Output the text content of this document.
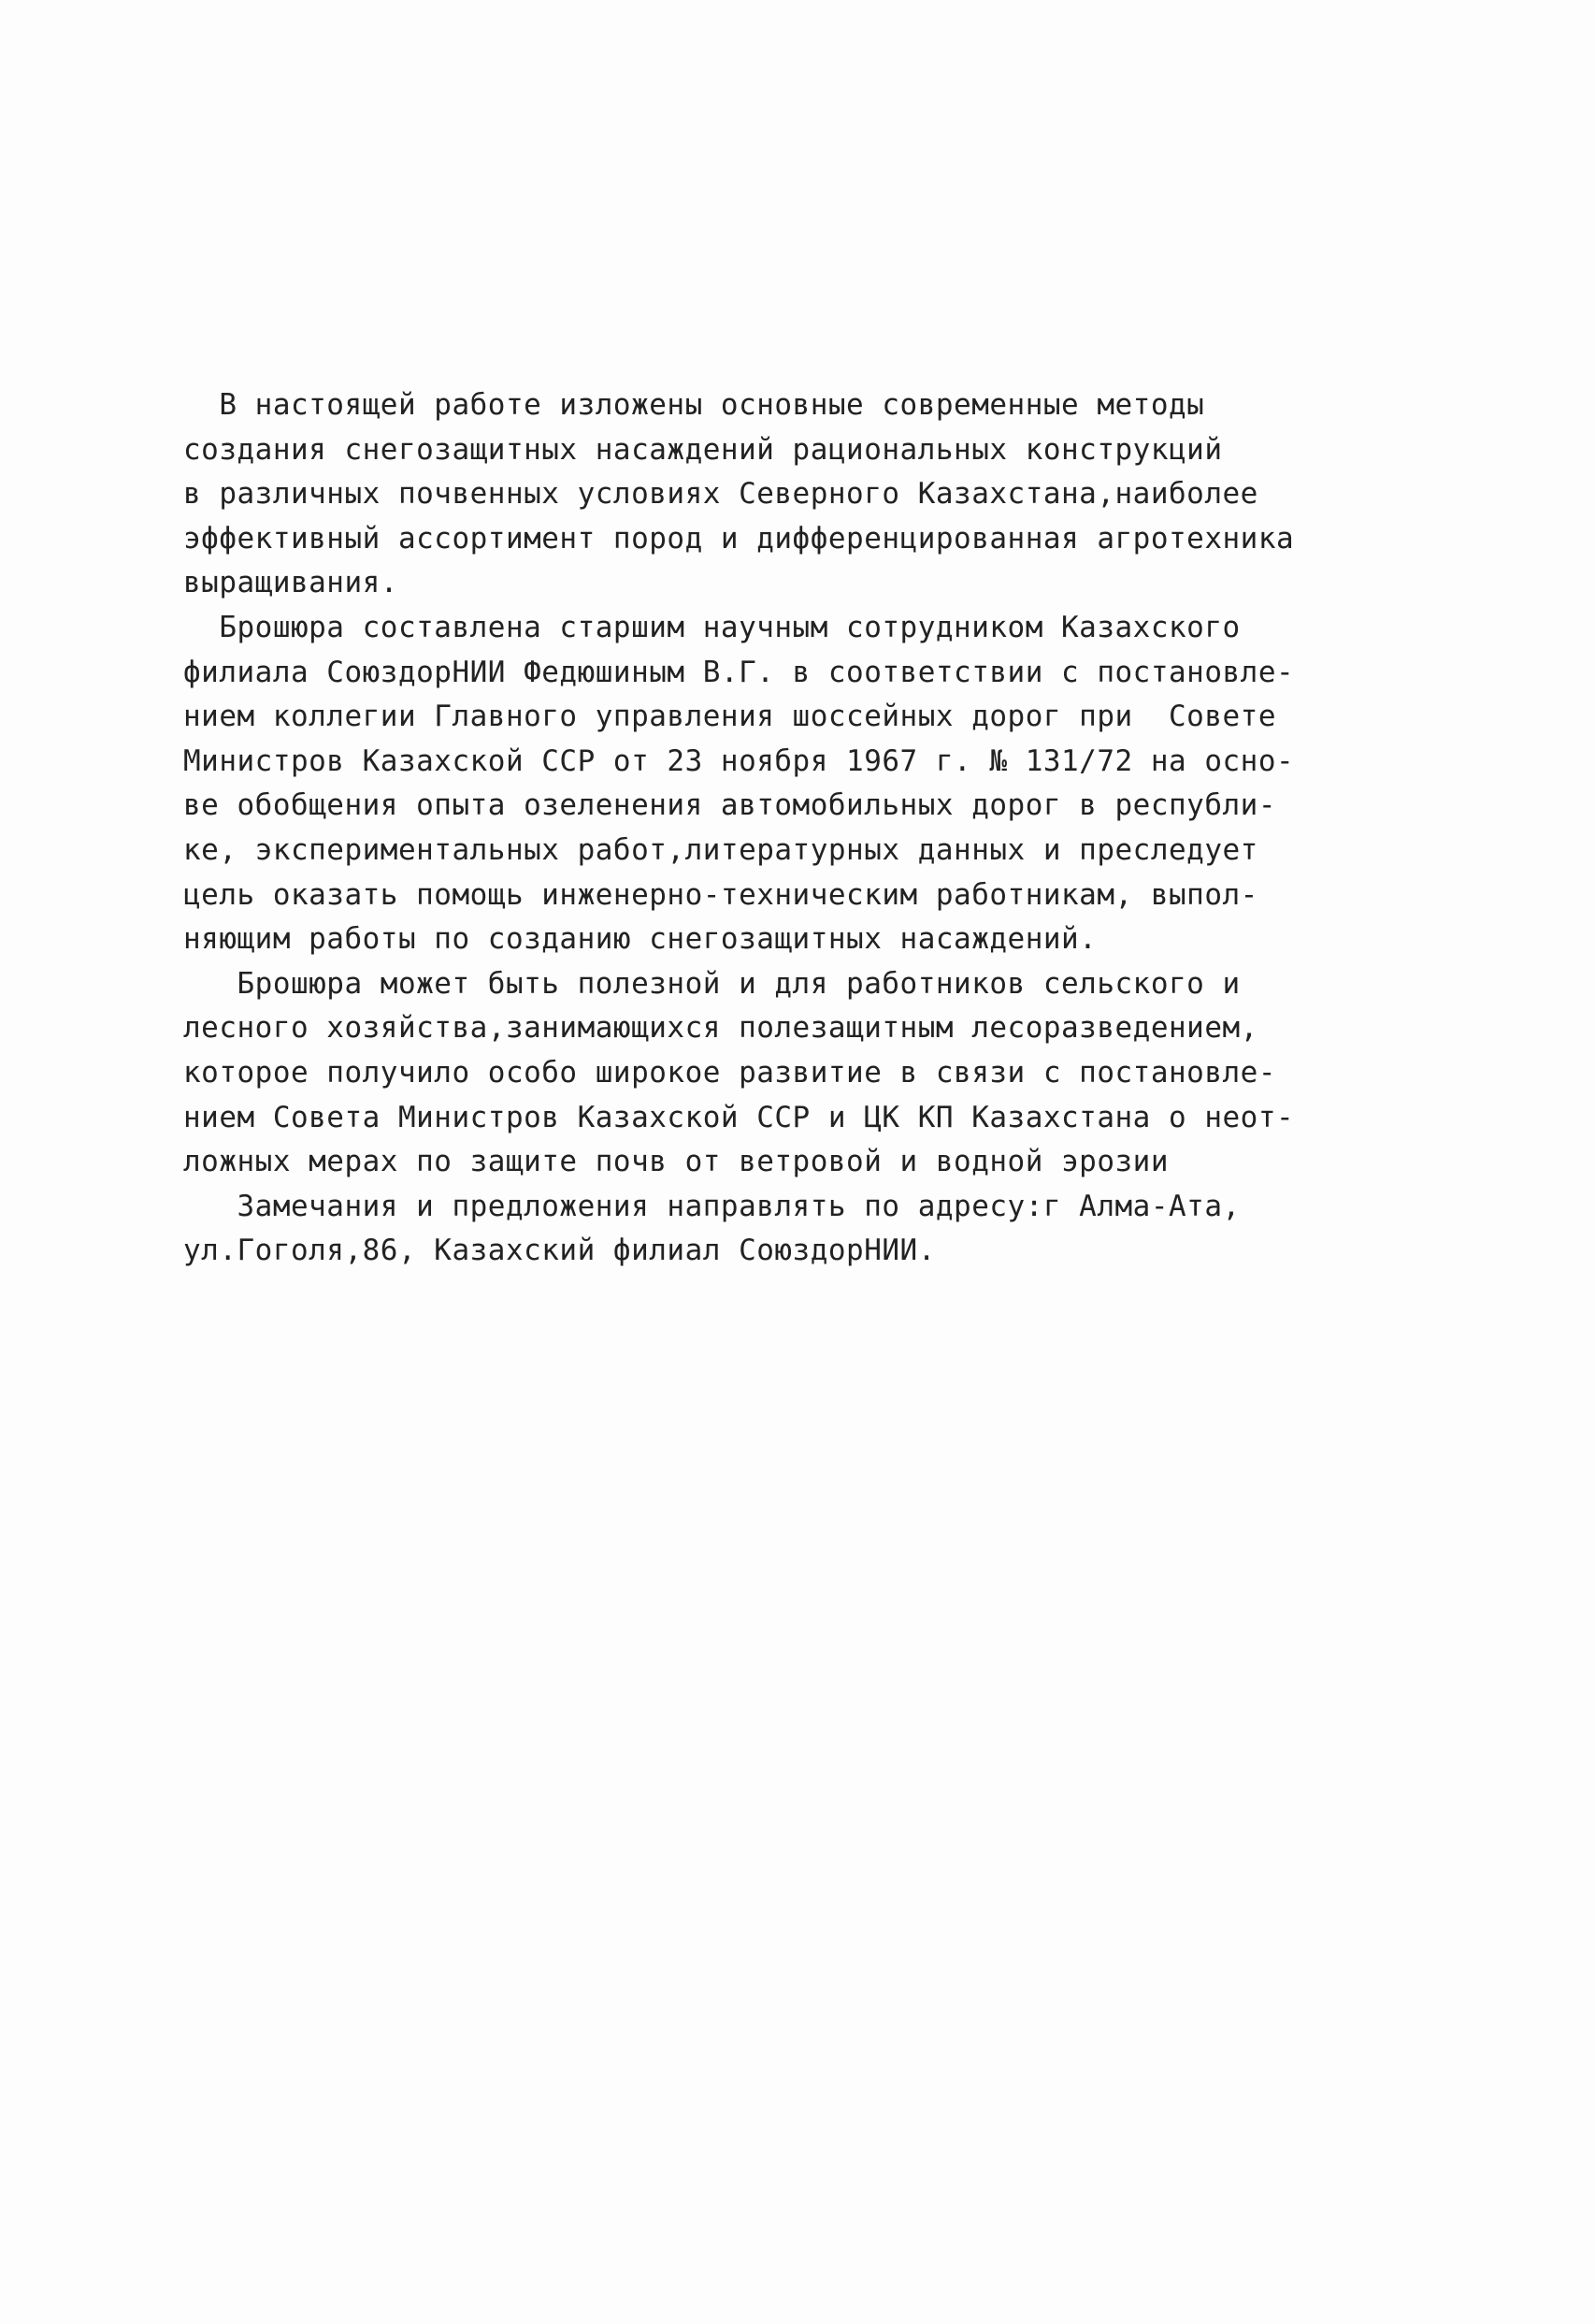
В настоящей работе изложены основные современные методы
создания снегозащитных насаждений рациональных конструкций
в различных почвенных условиях Северного Казахстана,наиболее
эффективный ассортимент пород и дифференцированная агротехника
выращивания.
Брошюра составлена старшим научным сотрудником Казахского
филиала СоюздорНИИ Федюшиным В.Г. в соответствии с постановле-
нием коллегии Главного управления шоссейных дорог при  Совете
Министров Казахской ССР от 23 ноября 1967 г. № 131/72 на осно-
ве обобщения опыта озеленения автомобильных дорог в республи-
ке, экспериментальных работ,литературных данных и преследует
цель оказать помощь инженерно-техническим работникам, выпол-
няющим работы по созданию снегозащитных насаждений.
Брошюра может быть полезной и для работников сельского и
лесного хозяйства,занимающихся полезащитным лесоразведением,
которое получило особо широкое развитие в связи с постановле-
нием Совета Министров Казахской ССР и ЦК КП Казахстана о неот-
ложных мерах по защите почв от ветровой и водной эрозии
Замечания и предложения направлять по адресу:г Алма-Ата,
ул.Гоголя,86, Казахский филиал СоюздорНИИ.
